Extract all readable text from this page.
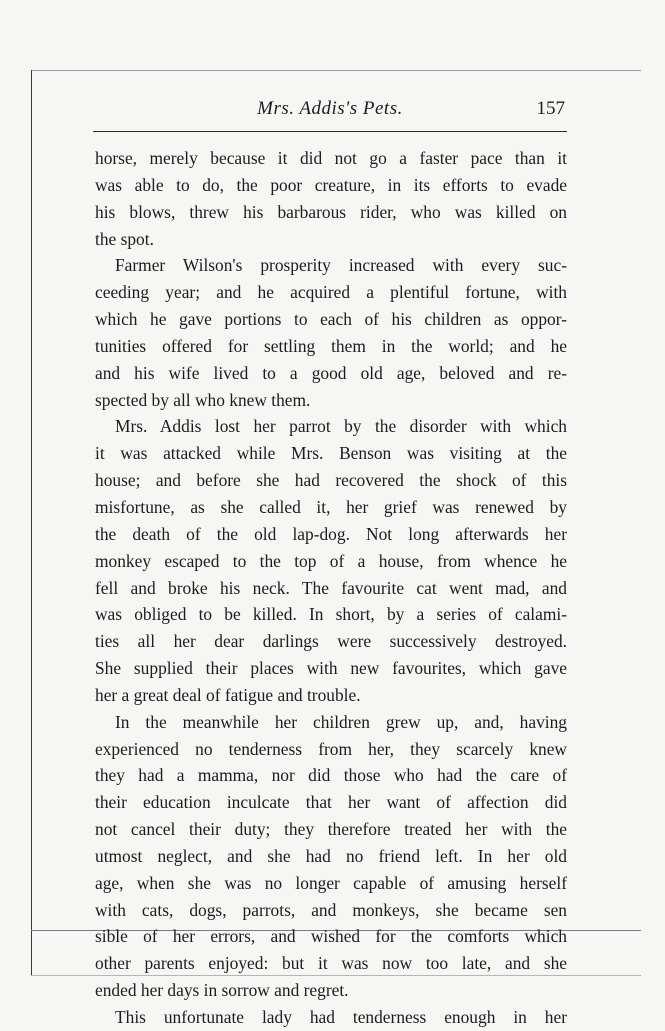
Mrs. Addis's Pets.	157
horse, merely because it did not go a faster pace than it
was able to do, the poor creature, in its efforts to evade
his blows, threw his barbarous rider, who was killed on
the spot.
Farmer Wilson's prosperity increased with every suc-
ceeding year; and he acquired a plentiful fortune, with
which he gave portions to each of his children as oppor-
tunities offered for settling them in the world; and he
and his wife lived to a good old age, beloved and re-
spected by all who knew them.
Mrs. Addis lost her parrot by the disorder with which
it was attacked while Mrs. Benson was visiting at the
house; and before she had recovered the shock of this
misfortune, as she called it, her grief was renewed by
the death of the old lap-dog. Not long afterwards her
monkey escaped to the top of a house, from whence he
fell and broke his neck. The favourite cat went mad, and
was obliged to be killed. In short, by a series of calami-
ties all her dear darlings were successively destroyed.
She supplied their places with new favourites, which gave
her a great deal of fatigue and trouble.
In the meanwhile her children grew up, and, having
experienced no tenderness from her, they scarcely knew
they had a mamma, nor did those who had the care of
their education inculcate that her want of affection did
not cancel their duty; they therefore treated her with the
utmost neglect, and she had no friend left. In her old
age, when she was no longer capable of amusing herself
with cats, dogs, parrots, and monkeys, she became sen
sible of her errors, and wished for the comforts which
other parents enjoyed: but it was now too late, and she
ended her days in sorrow and regret.
This unfortunate lady had tenderness enough in her
